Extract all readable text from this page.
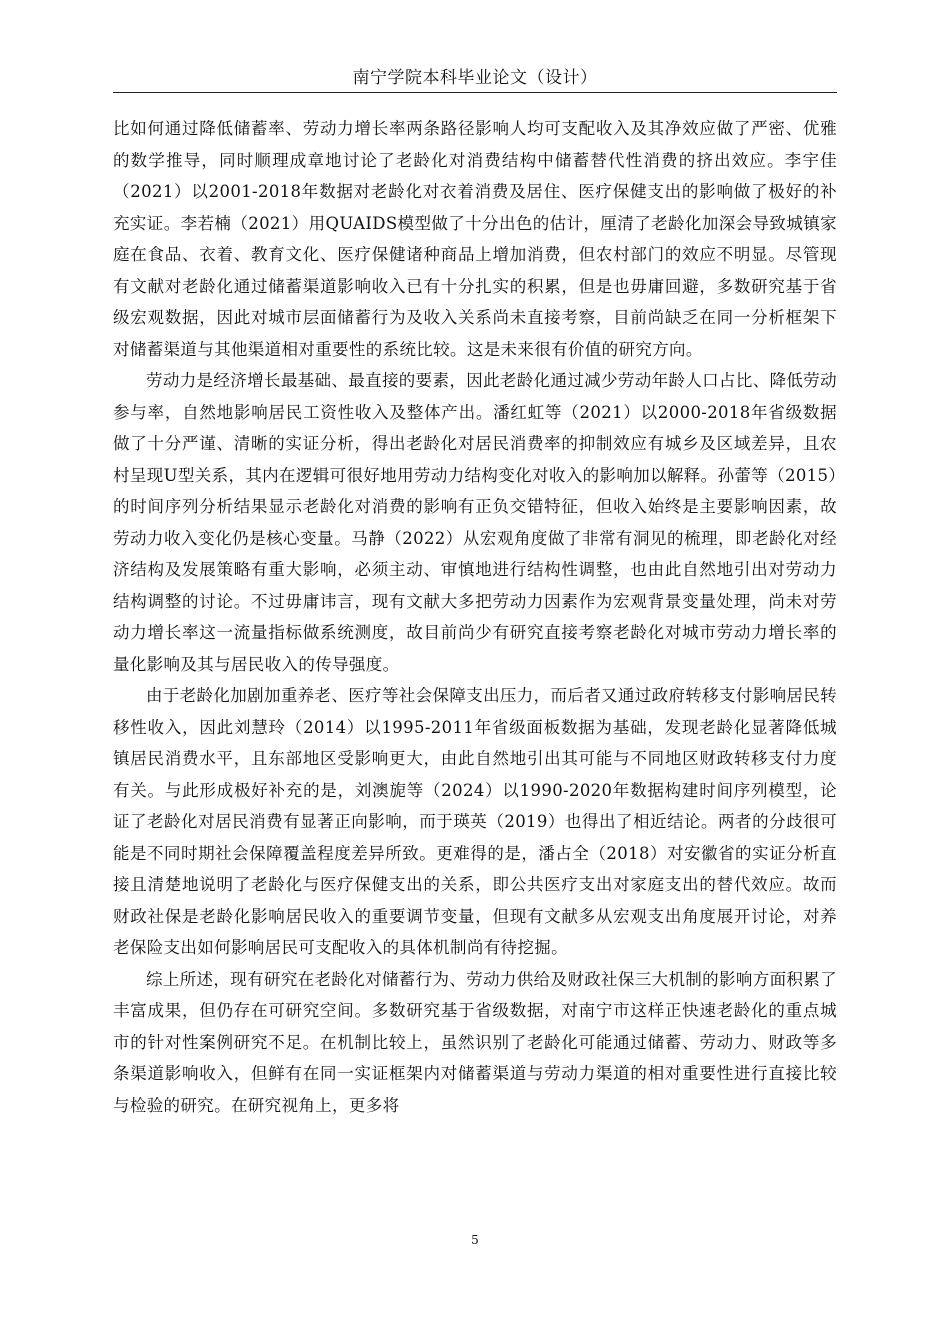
南宁学院本科毕业论文（设计）

比如何通过降低储蓄率、劳动力增长率两条路径影响人均可支配收入及其净效应做了严密、优雅的数学推导，同时顺理成章地讨论了老龄化对消费结构中储蓄替代性消费的挤出效应。李宇佳（2021）以2001-2018年数据对老龄化对衣着消费及居住、医疗保健支出的影响做了极好的补充实证。李若楠（2021）用QUAIDS模型做了十分出色的估计，厘清了老龄化加深会导致城镇家庭在食品、衣着、教育文化、医疗保健诸种商品上增加消费，但农村部门的效应不明显。尽管现有文献对老龄化通过储蓄渠道影响收入已有十分扎实的积累，但是也毋庸回避，多数研究基于省级宏观数据，因此对城市层面储蓄行为及收入关系尚未直接考察，目前尚缺乏在同一分析框架下对储蓄渠道与其他渠道相对重要性的系统比较。这是未来很有价值的研究方向。

劳动力是经济增长最基础、最直接的要素，因此老龄化通过减少劳动年龄人口占比、降低劳动参与率，自然地影响居民工资性收入及整体产出。潘红虹等（2021）以2000-2018年省级数据做了十分严谨、清晰的实证分析，得出老龄化对居民消费率的抑制效应有城乡及区域差异，且农村呈现U型关系，其内在逻辑可很好地用劳动力结构变化对收入的影响加以解释。孙蕾等（2015）的时间序列分析结果显示老龄化对消费的影响有正负交错特征，但收入始终是主要影响因素，故劳动力收入变化仍是核心变量。马静（2022）从宏观角度做了非常有洞见的梳理，即老龄化对经济结构及发展策略有重大影响，必须主动、审慎地进行结构性调整，也由此自然地引出对劳动力结构调整的讨论。不过毋庸讳言，现有文献大多把劳动力因素作为宏观背景变量处理，尚未对劳动力增长率这一流量指标做系统测度，故目前尚少有研究直接考察老龄化对城市劳动力增长率的量化影响及其与居民收入的传导强度。

由于老龄化加剧加重养老、医疗等社会保障支出压力，而后者又通过政府转移支付影响居民转移性收入，因此刘慧玲（2014）以1995-2011年省级面板数据为基础，发现老龄化显著降低城镇居民消费水平，且东部地区受影响更大，由此自然地引出其可能与不同地区财政转移支付力度有关。与此形成极好补充的是，刘澳旎等（2024）以1990-2020年数据构建时间序列模型，论证了老龄化对居民消费有显著正向影响，而于瑛英（2019）也得出了相近结论。两者的分歧很可能是不同时期社会保障覆盖程度差异所致。更难得的是，潘占全（2018）对安徽省的实证分析直接且清楚地说明了老龄化与医疗保健支出的关系，即公共医疗支出对家庭支出的替代效应。故而财政社保是老龄化影响居民收入的重要调节变量，但现有文献多从宏观支出角度展开讨论，对养老保险支出如何影响居民可支配收入的具体机制尚有待挖掘。

综上所述，现有研究在老龄化对储蓄行为、劳动力供给及财政社保三大机制的影响方面积累了丰富成果，但仍存在可研究空间。多数研究基于省级数据，对南宁市这样正快速老龄化的重点城市的针对性案例研究不足。在机制比较上，虽然识别了老龄化可能通过储蓄、劳动力、财政等多条渠道影响收入，但鲜有在同一实证框架内对储蓄渠道与劳动力渠道的相对重要性进行直接比较与检验的研究。在研究视角上，更多将

5
